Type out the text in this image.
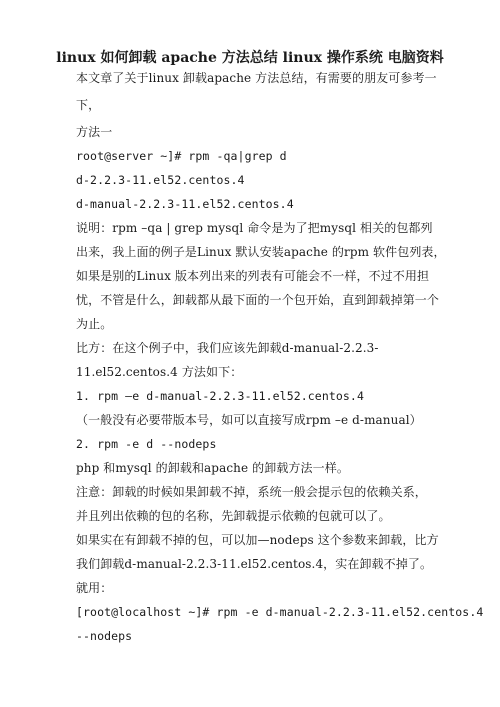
linux 如何卸载 apache 方法总结 linux 操作系统 电脑资料
本文章了关于linux 卸载apache 方法总结，有需要的朋友可参考一
下，
方法一
root@server ~]# rpm -qa|grep d
d-2.2.3-11.el52.centos.4
d-manual-2.2.3-11.el52.centos.4
说明：rpm –qa | grep mysql 命令是为了把mysql 相关的包都列
出来，我上面的例子是Linux 默认安装apache 的rpm 软件包列表，
如果是别的Linux 版本列出来的列表有可能会不一样，不过不用担
忧，不管是什么，卸载都从最下面的一个包开始，直到卸载掉第一个
为止。
比方：在这个例子中，我们应该先卸载d-manual-2.2.3-
11.el52.centos.4 方法如下：
1. rpm –e d-manual-2.2.3-11.el52.centos.4
（一般没有必要带版本号，如可以直接写成rpm –e d-manual）
2. rpm -e d --nodeps
php 和mysql 的卸载和apache 的卸载方法一样。
注意：卸载的时候如果卸载不掉，系统一般会提示包的依赖关系，
并且列出依赖的包的名称，先卸载提示依赖的包就可以了。
如果实在有卸载不掉的包，可以加—nodeps 这个参数来卸载，比方
我们卸载d-manual-2.2.3-11.el52.centos.4，实在卸载不掉了。
就用：
[root@localhost ~]# rpm -e d-manual-2.2.3-11.el52.centos.4
--nodeps
